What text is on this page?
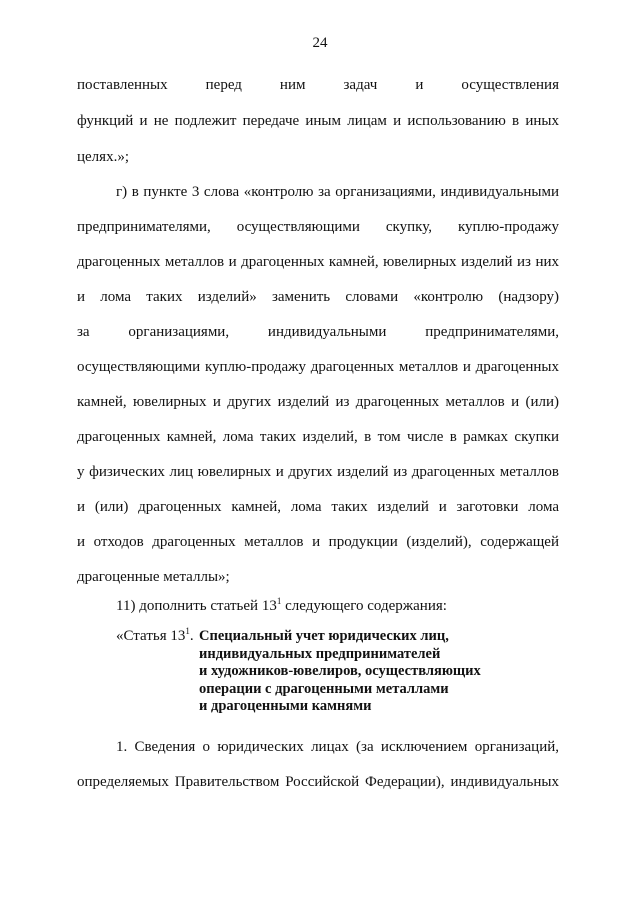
24
поставленных перед ним задач и осуществления
функций и не подлежит передаче иным лицам и использованию в иных
целях.»;
г) в пункте 3 слова «контролю за организациями, индивидуальными
предпринимателями, осуществляющими скупку, куплю-продажу
драгоценных металлов и драгоценных камней, ювелирных изделий из них
и лома таких изделий» заменить словами «контролю (надзору)
за организациями, индивидуальными предпринимателями,
осуществляющими куплю-продажу драгоценных металлов и драгоценных
камней, ювелирных и других изделий из драгоценных металлов и (или)
драгоценных камней, лома таких изделий, в том числе в рамках скупки
у физических лиц ювелирных и других изделий из драгоценных металлов
и (или) драгоценных камней, лома таких изделий и заготовки лома
и отходов драгоценных металлов и продукции (изделий), содержащей
драгоценные металлы»;
11) дополнить статьей $13^1$ следующего содержания:
«Статья $13^1$. Специальный учет юридических лиц,
индивидуальных предпринимателей
и художников-ювелиров, осуществляющих
операции с драгоценными металлами
и драгоценными камнями
1. Сведения о юридических лицах (за исключением организаций,
определяемых Правительством Российской Федерации), индивидуальных
